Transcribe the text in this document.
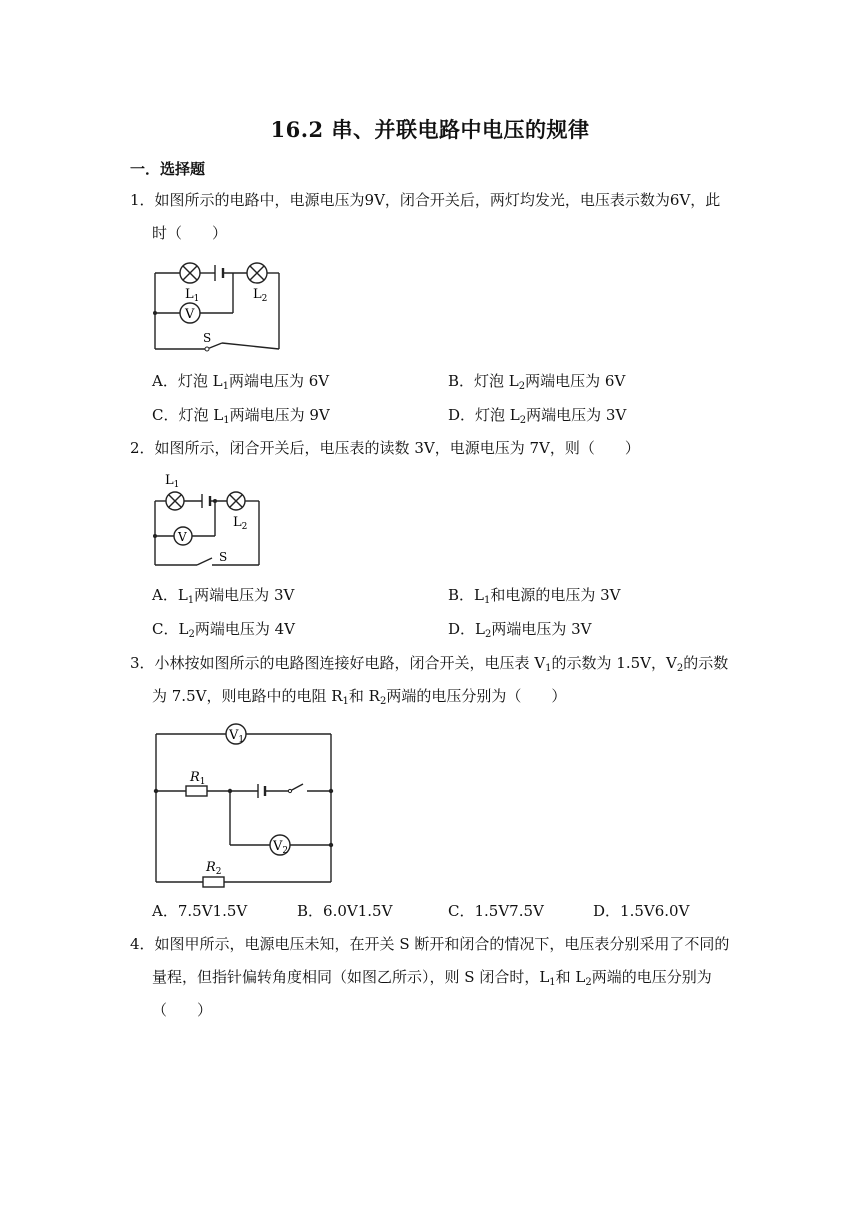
16.2 串、并联电路中电压的规律
一．选择题
1．如图所示的电路中，电源电压为9V，闭合开关后，两灯均发光，电压表示数为6V，此
时（　　）
$L_1$	$L_2$
V
S
A．灯泡 $L_1$两端电压为 6V	B．灯泡 $L_2$两端电压为 6V
C．灯泡 $L_1$两端电压为 9V	D．灯泡 $L_2$两端电压为 3V
2．如图所示，闭合开关后，电压表的读数 3V，电源电压为 7V，则（　　）
$L_1$
$L_2$
V
S
A．$L_1$两端电压为 3V	B．$L_1$和电源的电压为 3V
C．$L_2$两端电压为 4V	D．$L_2$两端电压为 3V
3．小林按如图所示的电路图连接好电路，闭合开关，电压表 $V_1$的示数为 1.5V，$V_2$的示数
为 7.5V，则电路中的电阻 $R_1$和 $R_2$两端的电压分别为（　　）
$V_1$
$V_2$
$R_1$
$R_2$
A．7.5V1.5V	B．6.0V1.5V	C．1.5V7.5V	D．1.5V6.0V
4．如图甲所示，电源电压未知，在开关 S 断开和闭合的情况下，电压表分别采用了不同的
量程，但指针偏转角度相同（如图乙所示），则 S 闭合时，$L_1$和 $L_2$两端的电压分别为
（　　）
